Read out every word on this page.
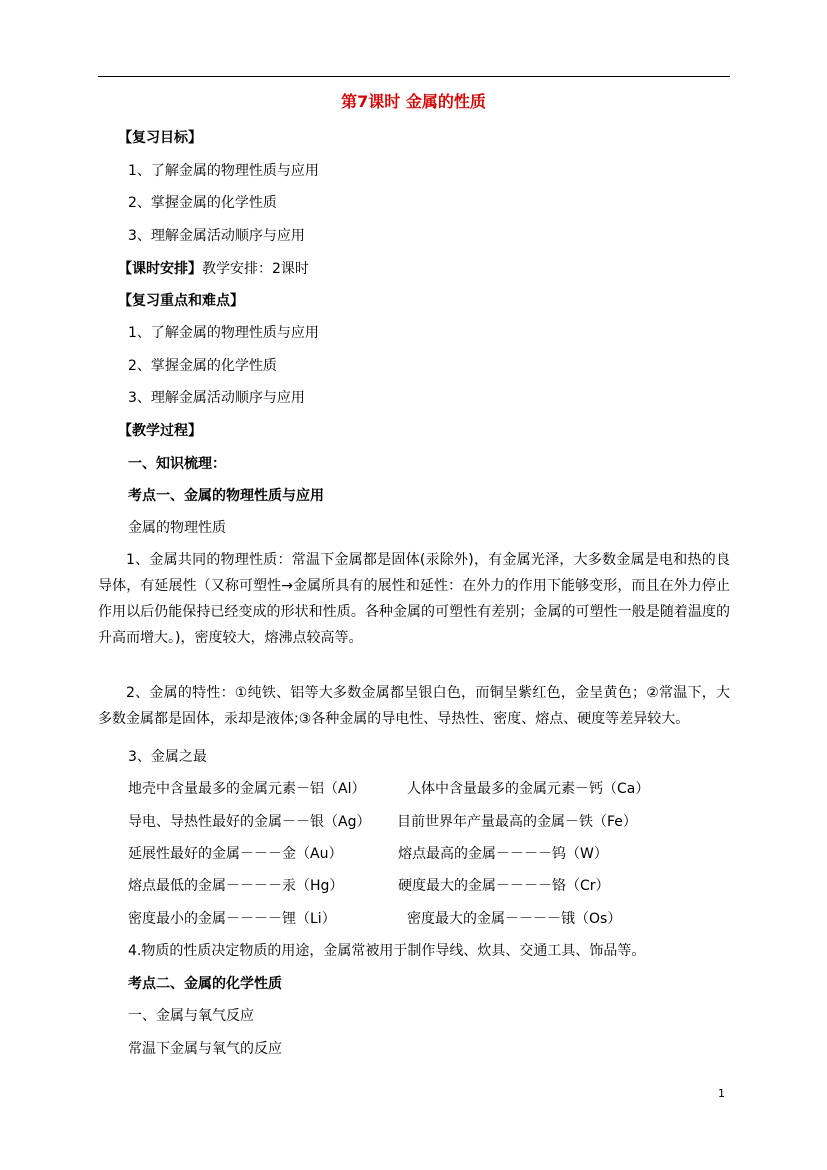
第7课时 金属的性质
【复习目标】
1、了解金属的物理性质与应用
2、掌握金属的化学性质
3、理解金属活动顺序与应用
【课时安排】教学安排：2课时
【复习重点和难点】
1、了解金属的物理性质与应用
2、掌握金属的化学性质
3、理解金属活动顺序与应用
【教学过程】
一、知识梳理：
考点一、金属的物理性质与应用
金属的物理性质
1、金属共同的物理性质：常温下金属都是固体(汞除外)，有金属光泽，大多数金属是电和热的良导体，有延展性（又称可塑性→金属所具有的展性和延性：在外力的作用下能够变形，而且在外力停止作用以后仍能保持已经变成的形状和性质。各种金属的可塑性有差别；金属的可塑性一般是随着温度的升高而增大。)，密度较大，熔沸点较高等。
2、金属的特性：①纯铁、铝等大多数金属都呈银白色，而铜呈紫红色，金呈黄色；②常温下，大多数金属都是固体，汞却是液体;③各种金属的导电性、导热性、密度、熔点、硬度等差异较大。
3、金属之最
地壳中含量最多的金属元素－铝（Al）
导电、导热性最好的金属－－银（Ag）
延展性最好的金属－－－金（Au）
熔点最低的金属－－－－汞（Hg）
密度最小的金属－－－－锂（Li）
人体中含量最多的金属元素－钙（Ca）
目前世界年产量最高的金属－铁（Fe）
熔点最高的金属－－－－钨（W）
硬度最大的金属－－－－铬（Cr）
密度最大的金属－－－－锇（Os）
4.物质的性质决定物质的用途，金属常被用于制作导线、炊具、交通工具、饰品等。
考点二、金属的化学性质
一、金属与氧气反应
常温下金属与氧气的反应
1
